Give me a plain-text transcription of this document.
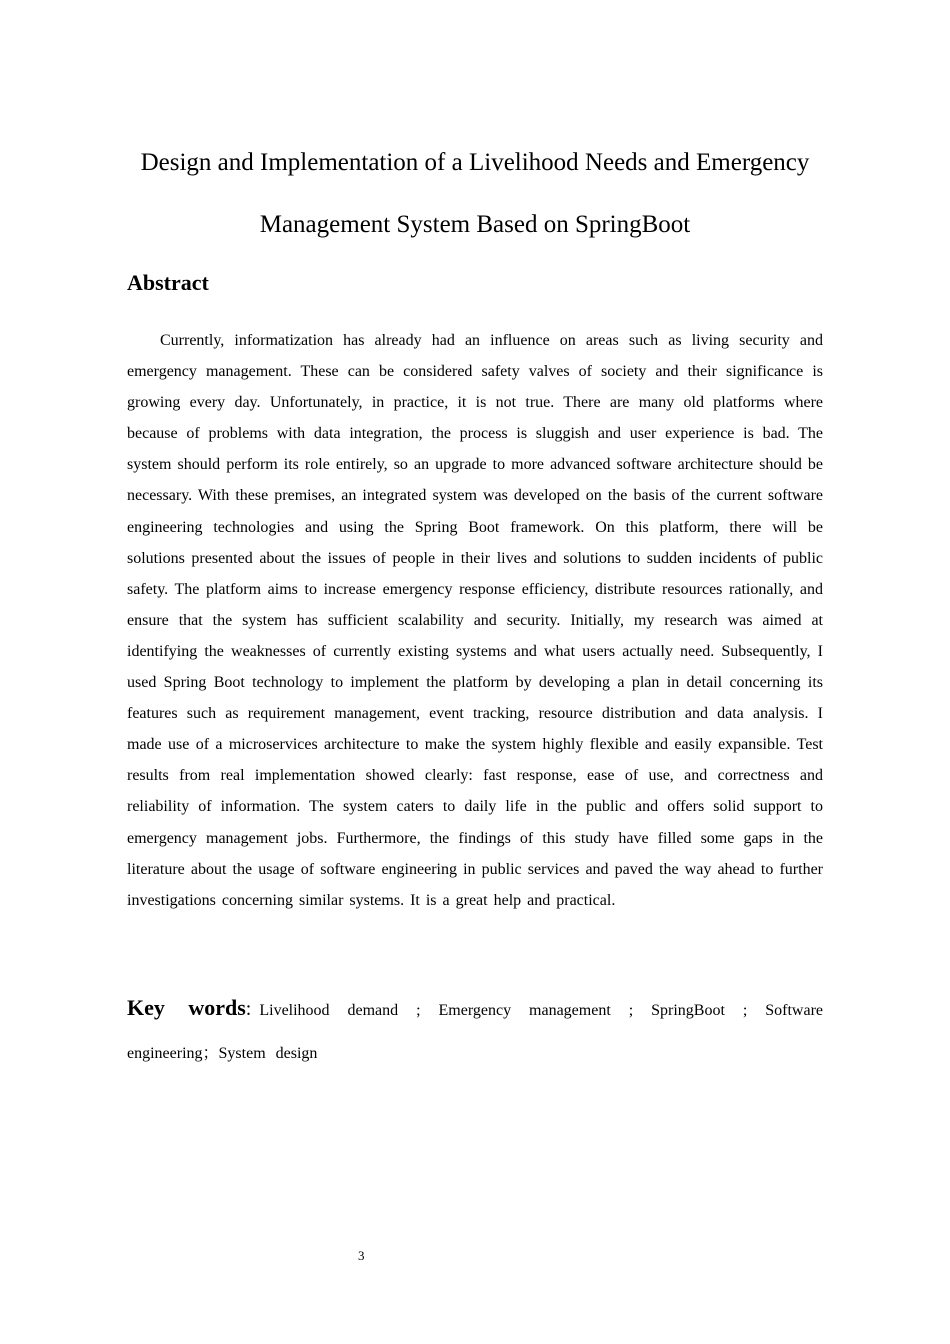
Design and Implementation of a Livelihood Needs and Emergency
Management System Based on SpringBoot
Abstract

Currently, informatization has already had an influence on areas such as living security and emergency management. These can be considered safety valves of society and their significance is growing every day. Unfortunately, in practice, it is not true. There are many old platforms where because of problems with data integration, the process is sluggish and user experience is bad. The system should perform its role entirely, so an upgrade to more advanced software architecture should be necessary. With these premises, an integrated system was developed on the basis of the current software engineering technologies and using the Spring Boot framework. On this platform, there will be solutions presented about the issues of people in their lives and solutions to sudden incidents of public safety. The platform aims to increase emergency response efficiency, distribute resources rationally, and ensure that the system has sufficient scalability and security. Initially, my research was aimed at identifying the weaknesses of currently existing systems and what users actually need. Subsequently, I used Spring Boot technology to implement the platform by developing a plan in detail concerning its features such as requirement management, event tracking, resource distribution and data analysis. I made use of a microservices architecture to make the system highly flexible and easily expansible. Test results from real implementation showed clearly: fast response, ease of use, and correctness and reliability of information. The system caters to daily life in the public and offers solid support to emergency management jobs. Furthermore, the findings of this study have filled some gaps in the literature about the usage of software engineering in public services and paved the way ahead to further investigations concerning similar systems. It is a great help and practical.

Key words: Livelihood demand ; Emergency management ; SpringBoot ; Software engineering；System design

3
